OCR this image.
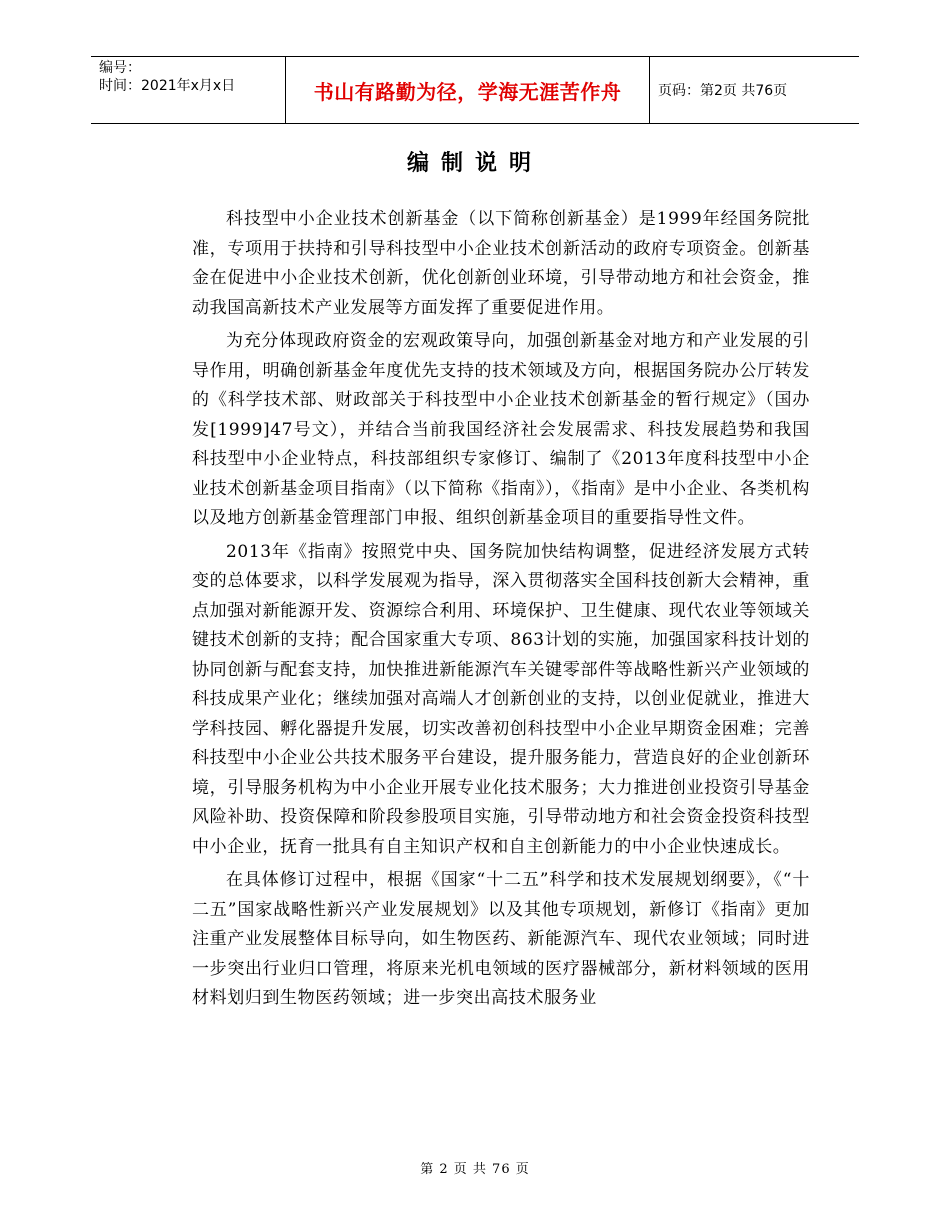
编号：
时间：2021年x月x日	书山有路勤为径，学海无涯苦作舟	页码：第2页 共76页
编制说明

科技型中小企业技术创新基金（以下简称创新基金）是1999年经国务院批准，专项用于扶持和引导科技型中小企业技术创新活动的政府专项资金。创新基金在促进中小企业技术创新，优化创新创业环境，引导带动地方和社会资金，推动我国高新技术产业发展等方面发挥了重要促进作用。

为充分体现政府资金的宏观政策导向，加强创新基金对地方和产业发展的引导作用，明确创新基金年度优先支持的技术领域及方向，根据国务院办公厅转发的《科学技术部、财政部关于科技型中小企业技术创新基金的暂行规定》（国办发[1999]47号文），并结合当前我国经济社会发展需求、科技发展趋势和我国科技型中小企业特点，科技部组织专家修订、编制了《2013年度科技型中小企业技术创新基金项目指南》（以下简称《指南》），《指南》是中小企业、各类机构以及地方创新基金管理部门申报、组织创新基金项目的重要指导性文件。

2013年《指南》按照党中央、国务院加快结构调整，促进经济发展方式转变的总体要求，以科学发展观为指导，深入贯彻落实全国科技创新大会精神，重点加强对新能源开发、资源综合利用、环境保护、卫生健康、现代农业等领域关键技术创新的支持；配合国家重大专项、863计划的实施，加强国家科技计划的协同创新与配套支持，加快推进新能源汽车关键零部件等战略性新兴产业领域的科技成果产业化；继续加强对高端人才创新创业的支持，以创业促就业，推进大学科技园、孵化器提升发展，切实改善初创科技型中小企业早期资金困难；完善科技型中小企业公共技术服务平台建设，提升服务能力，营造良好的企业创新环境，引导服务机构为中小企业开展专业化技术服务；大力推进创业投资引导基金风险补助、投资保障和阶段参股项目实施，引导带动地方和社会资金投资科技型中小企业，抚育一批具有自主知识产权和自主创新能力的中小企业快速成长。

在具体修订过程中，根据《国家“十二五”科学和技术发展规划纲要》，《“十二五”国家战略性新兴产业发展规划》以及其他专项规划，新修订《指南》更加注重产业发展整体目标导向，如生物医药、新能源汽车、现代农业领域；同时进一步突出行业归口管理，将原来光机电领域的医疗器械部分，新材料领域的医用材料划归到生物医药领域；进一步突出高技术服务业

第 2 页 共 76 页
